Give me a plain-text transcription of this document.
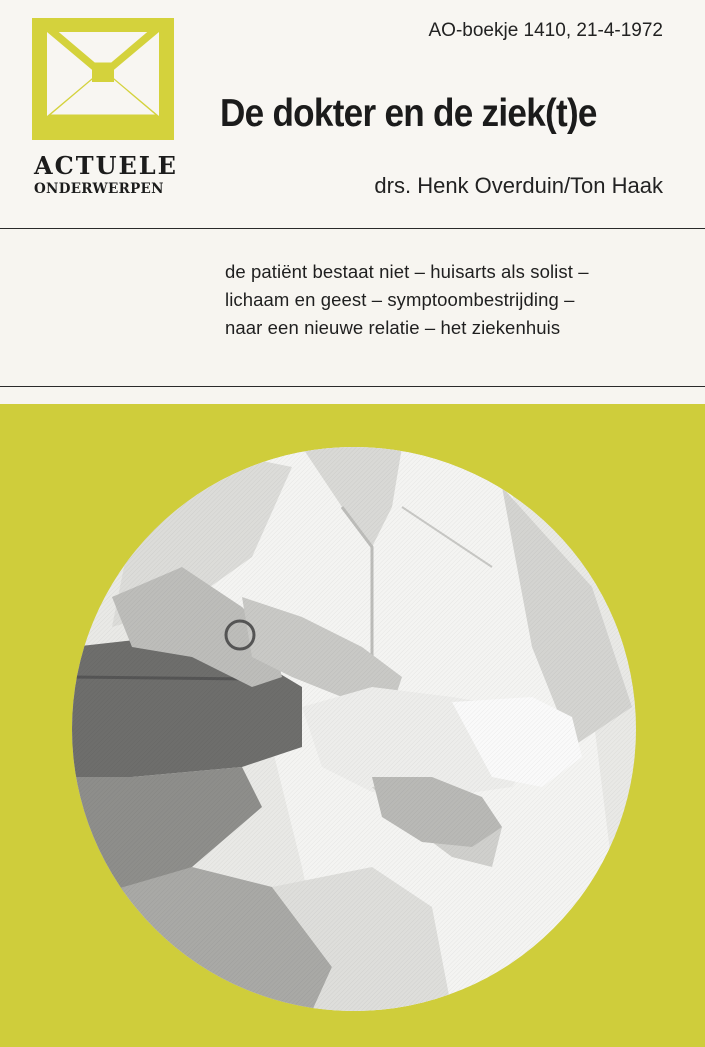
ACTUELE
ONDERWERPEN
AO-boekje 1410, 21-4-1972
De dokter en de ziek(t)e
drs. Henk Overduin/Ton Haak
de patiënt bestaat niet – huisarts als solist –
lichaam en geest – symptoombestrijding –
naar een nieuwe relatie – het ziekenhuis
